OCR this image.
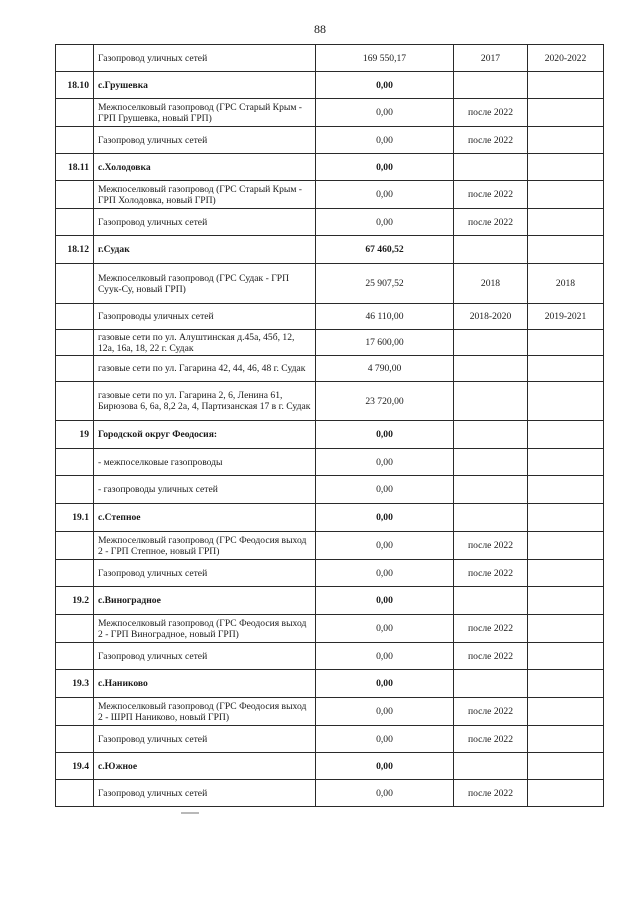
88
	Газопровод уличных сетей	169 550,17	2017	2020-2022
18.10	с.Грушевка	0,00		
	Межпоселковый газопровод (ГРС Старый Крым - ГРП Грушевка, новый ГРП)	0,00	после 2022	
	Газопровод уличных сетей	0,00	после 2022	
18.11	с.Холодовка	0,00		
	Межпоселковый газопровод (ГРС Старый Крым - ГРП Холодовка, новый ГРП)	0,00	после 2022	
	Газопровод уличных сетей	0,00	после 2022	
18.12	г.Судак	67 460,52		
	Межпоселковый газопровод (ГРС Судак - ГРП Суук-Су, новый ГРП)	25 907,52	2018	2018
	Газопроводы уличных сетей	46 110,00	2018-2020	2019-2021
	газовые сети по ул. Алуштинская д.45а, 45б, 12, 12а, 16а, 18, 22 г. Судак	17 600,00		
	газовые сети по ул. Гагарина 42, 44, 46, 48 г. Судак	4 790,00		
	газовые сети по ул. Гагарина 2, 6, Ленина 61, Бирюзова 6, 6а, 8,2 2а, 4, Партизанская 17 в г. Судак	23 720,00		
19	Городской округ Феодосия:	0,00		
	- межпоселковые газопроводы	0,00		
	- газопроводы уличных сетей	0,00		
19.1	с.Степное	0,00		
	Межпоселковый газопровод (ГРС Феодосия выход 2 - ГРП Степное, новый ГРП)	0,00	после 2022	
	Газопровод уличных сетей	0,00	после 2022	
19.2	с.Виноградное	0,00		
	Межпоселковый газопровод (ГРС Феодосия выход 2 - ГРП Виноградное, новый ГРП)	0,00	после 2022	
	Газопровод уличных сетей	0,00	после 2022	
19.3	с.Наниково	0,00		
	Межпоселковый газопровод (ГРС Феодосия выход 2 - ШРП Наниково, новый ГРП)	0,00	после 2022	
	Газопровод уличных сетей	0,00	после 2022	
19.4	с.Южное	0,00		
	Газопровод уличных сетей	0,00	после 2022	
